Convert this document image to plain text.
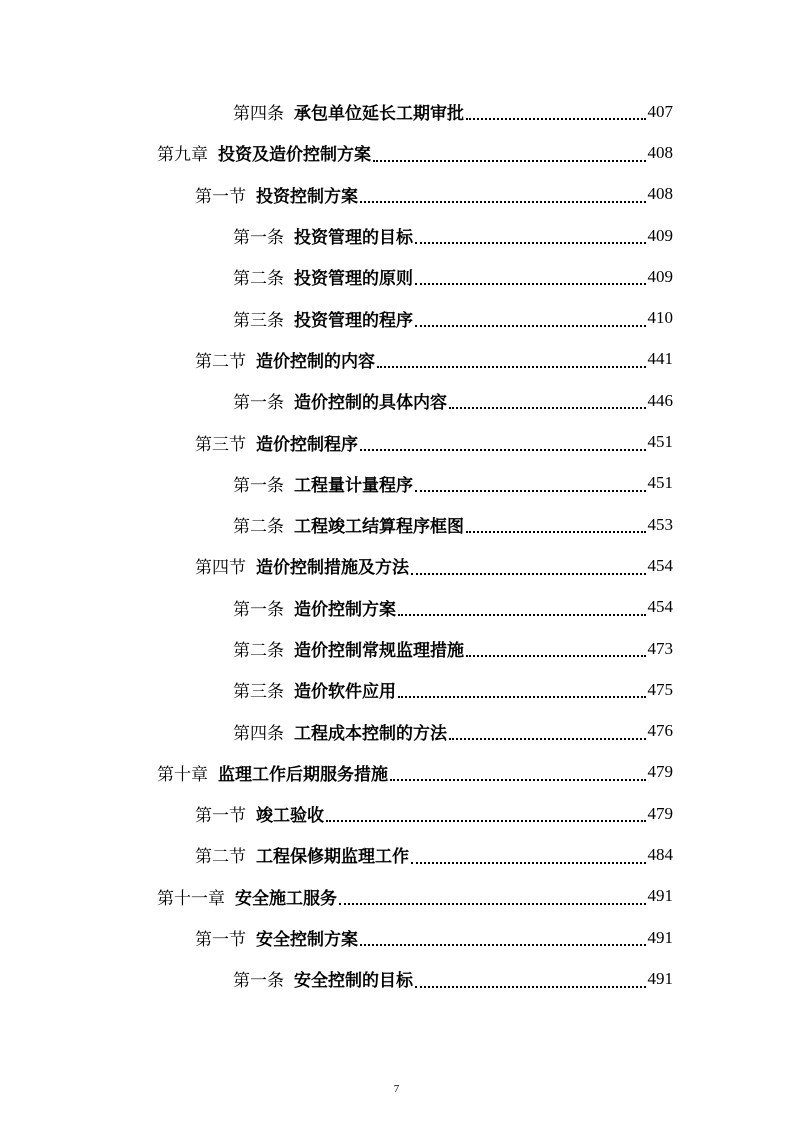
第四条 承包单位延长工期审批	407
第九章 投资及造价控制方案	408
第一节 投资控制方案	408
第一条 投资管理的目标	409
第二条 投资管理的原则	409
第三条 投资管理的程序	410
第二节 造价控制的内容	441
第一条 造价控制的具体内容	446
第三节 造价控制程序	451
第一条 工程量计量程序	451
第二条 工程竣工结算程序框图	453
第四节 造价控制措施及方法	454
第一条 造价控制方案	454
第二条 造价控制常规监理措施	473
第三条 造价软件应用	475
第四条 工程成本控制的方法	476
第十章 监理工作后期服务措施	479
第一节 竣工验收	479
第二节 工程保修期监理工作	484
第十一章 安全施工服务	491
第一节 安全控制方案	491
第一条 安全控制的目标	491
7
